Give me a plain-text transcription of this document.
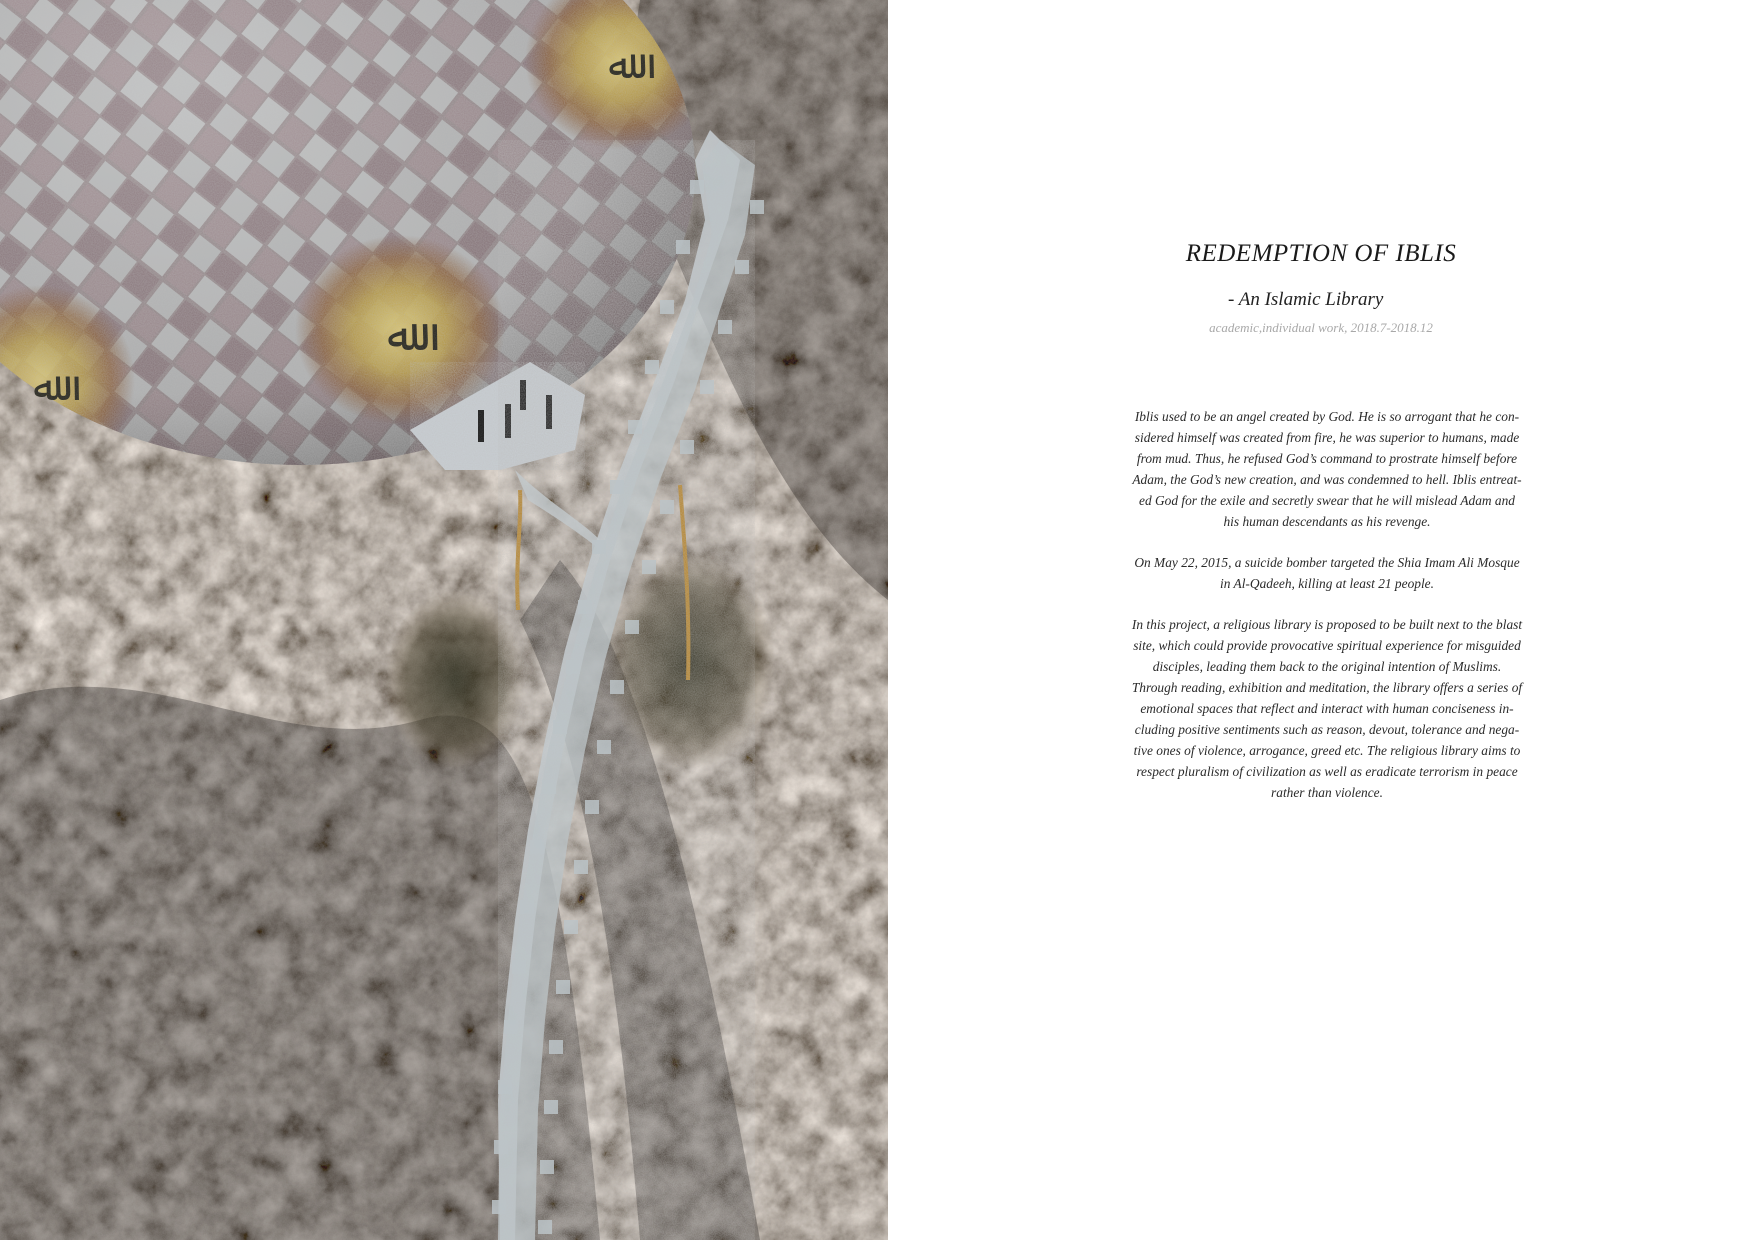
REDEMPTION OF IBLIS
- An Islamic Library
academic,individual work, 2018.7-2018.12

Iblis used to be an angel created by God. He is so arrogant that he con-
sidered himself was created from fire, he was superior to humans, made
from mud. Thus, he refused God’s command to prostrate himself before
Adam, the God’s new creation, and was condemned to hell. Iblis entreat-
ed God for the exile and secretly swear that he will mislead Adam and
his human descendants as his revenge.

On May 22, 2015, a suicide bomber targeted the Shia Imam Ali Mosque
in Al-Qadeeh, killing at least 21 people.

In this project, a religious library is proposed to be built next to the blast
site, which could provide provocative spiritual experience for misguided
disciples, leading them back to the original intention of Muslims.
Through reading, exhibition and meditation, the library offers a series of
emotional spaces that reflect and interact with human conciseness in-
cluding positive sentiments such as reason, devout, tolerance and nega-
tive ones of violence, arrogance, greed etc. The religious library aims to
respect pluralism of civilization as well as eradicate terrorism in peace
rather than violence.
